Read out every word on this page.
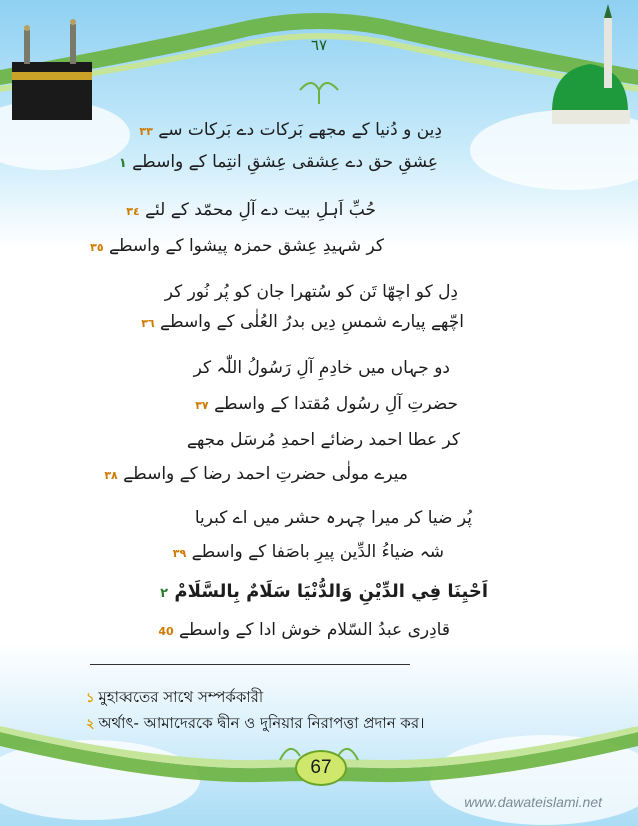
٦٧
دِین و دُنیا کے مجھے بَرکات دے بَرکات سے ٣٣
عِشقِ حق دے عِشقی عِشقِ انتِما کے واسطے ١
حُبِّ اَہلِ بیت دے آلِ محمّد کے لئے ٣٤
کر شہیدِ عِشق حمزہ پیشوا کے واسطے ٣٥
دِل کو اچھّا تَن کو سُتھرا جان کو پُر نُور کر
اچّھے پیارے شمسِ دِیں بدرُ العُلٰی کے واسطے ٣٦
دو جہاں میں خادِمِ آلِ رَسُولُ اللّٰہ کر
حضرتِ آلِ رسُول مُقتدا کے واسطے ٣٧
کر عطا احمد رضائے احمدِ مُرسَل مجھے
میرے مولٰی حضرتِ احمد رضا کے واسطے ٣٨
پُر ضیا کر میرا چہرہ حشر میں اے کبریا
شہ ضیاءُ الدِّین پیرِ باصَفا کے واسطے ٣٩
اَحْيِنَا فِي الدِّيْنِ وَالدُّنْيَا سَلَامٌ بِالسَّلَامْ ٢
قادِری عبدُ السّلام خوش ادا کے واسطے 40
১ মুহাব্বতের সাথে সম্পর্ককারী
২ অর্থাৎ- আমাদেরকে দ্বীন ও দুনিয়ার নিরাপত্তা প্রদান কর।
67
www.dawateislami.net
